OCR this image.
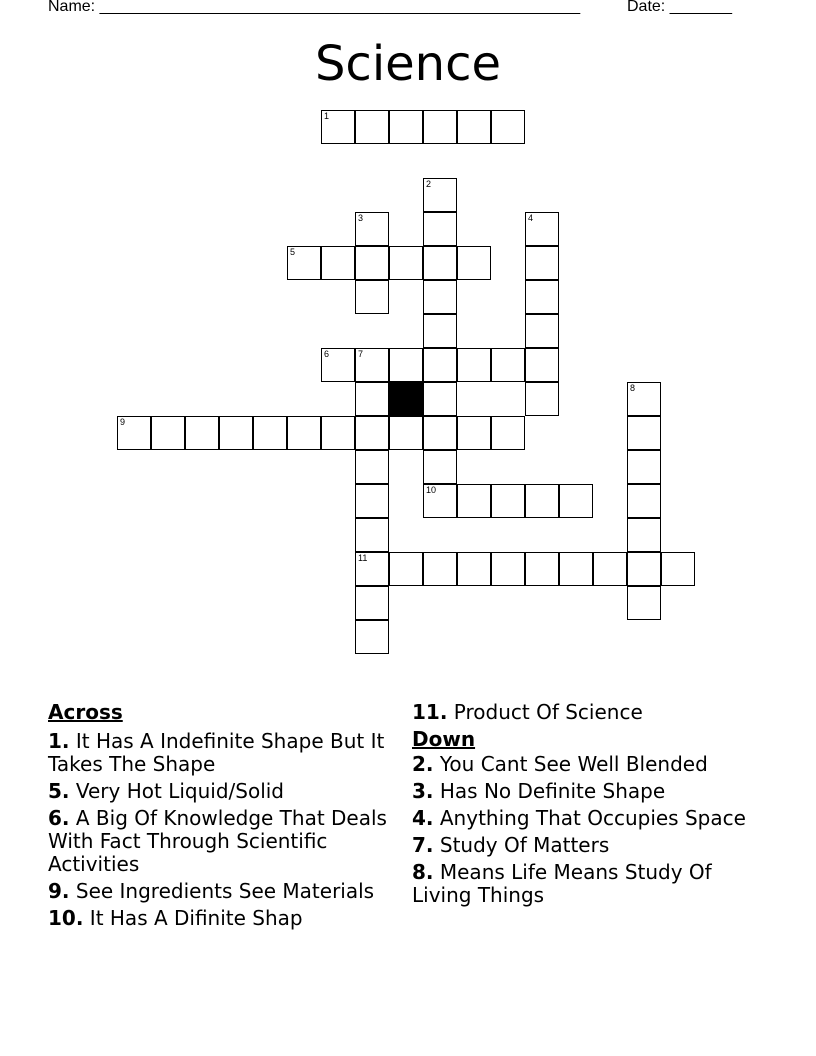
Name: ______________________________________________________	Date: _______
Science
1
2
3	4
5
6	7
8
9
10
11
Across
1. It Has A Indefinite Shape But It Takes The Shape
5. Very Hot Liquid/Solid
6. A Big Of Knowledge That Deals With Fact Through Scientific Activities
9. See Ingredients See Materials
10. It Has A Difinite Shap
11. Product Of Science
Down
2. You Cant See Well Blended
3. Has No Definite Shape
4. Anything That Occupies Space
7. Study Of Matters
8. Means Life Means Study Of Living Things
